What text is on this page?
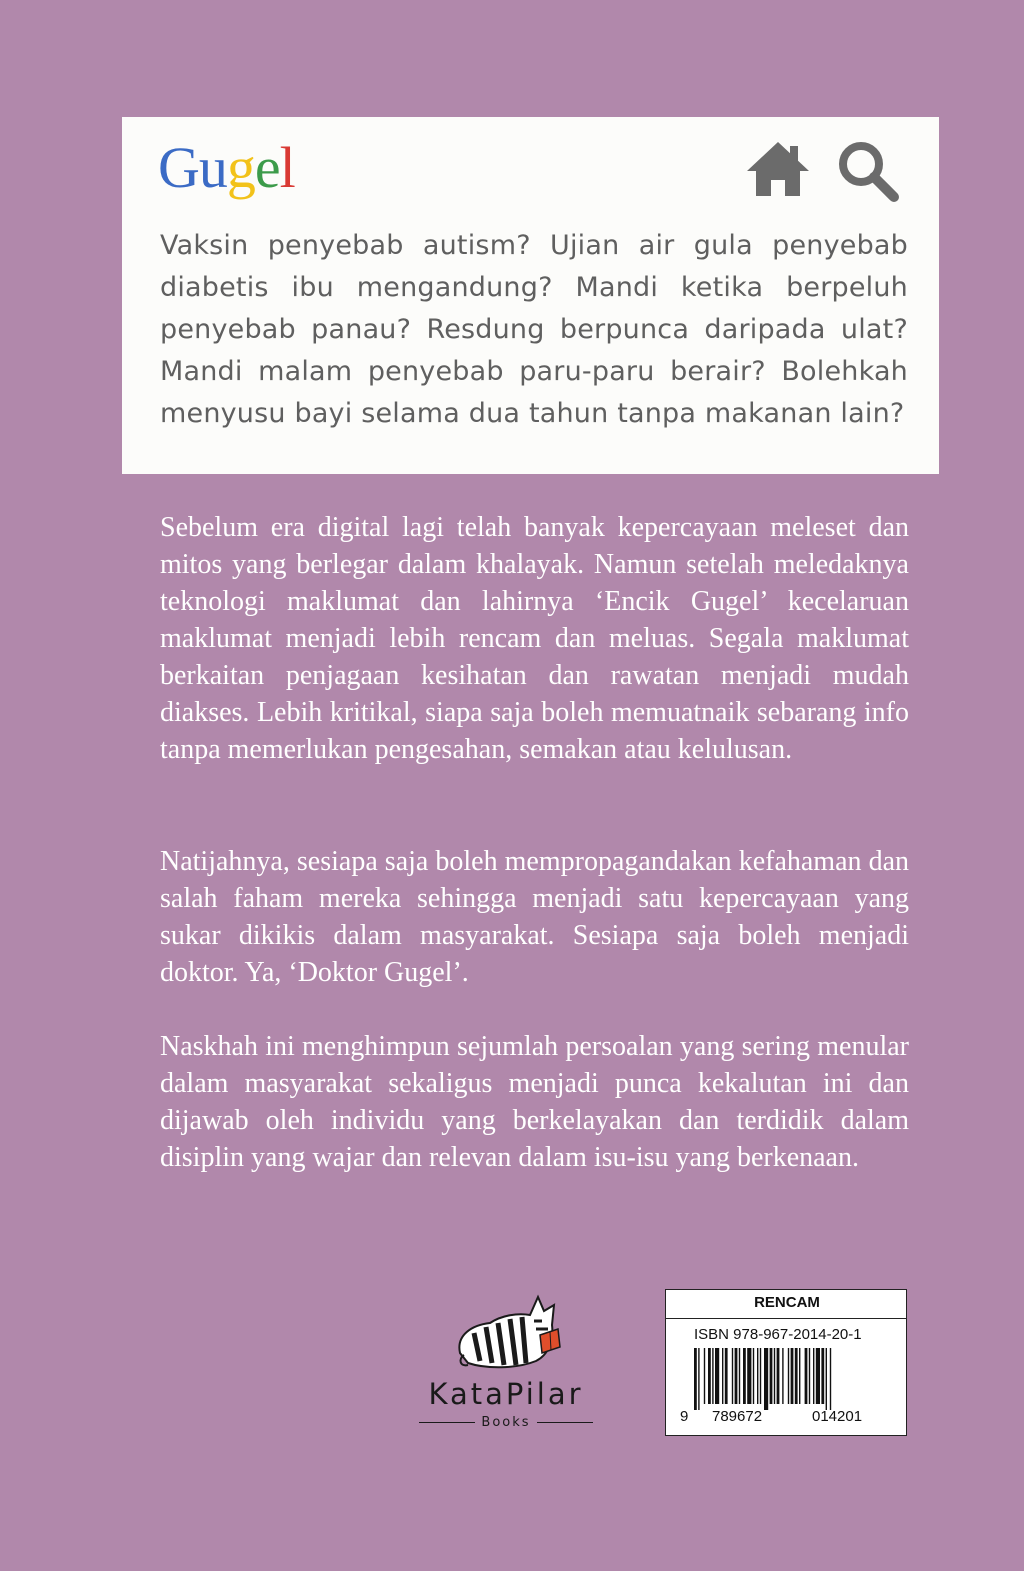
Gugel

Vaksin penyebab autism? Ujian air gula penyebab diabetis ibu mengandung? Mandi ketika berpeluh penyebab panau? Resdung berpunca daripada ulat? Mandi malam penyebab paru-paru berair? Bolehkah menyusu bayi selama dua tahun tanpa makanan lain?

Sebelum era digital lagi telah banyak kepercayaan meleset dan mitos yang berlegar dalam khalayak. Namun setelah meledaknya teknologi maklumat dan lahirnya ‘Encik Gugel’ kecelaruan maklumat menjadi lebih rencam dan meluas. Segala maklumat berkaitan penjagaan kesihatan dan rawatan menjadi mudah diakses. Lebih kritikal, siapa saja boleh memuatnaik sebarang info tanpa memerlukan pengesahan, semakan atau kelulusan.

Natijahnya, sesiapa saja boleh mempropagandakan kefahaman dan salah faham mereka sehingga menjadi satu kepercayaan yang sukar dikikis dalam masyarakat. Sesiapa saja boleh menjadi doktor. Ya, ‘Doktor Gugel’.

Naskhah ini menghimpun sejumlah persoalan yang sering menular dalam masyarakat sekaligus menjadi punca kekalutan ini dan dijawab oleh individu yang berkelayakan dan terdidik dalam disiplin yang wajar dan relevan dalam isu-isu yang berkenaan.

KataPilar
Books
RENCAM
ISBN 978-967-2014-20-1
9 789672	014201
